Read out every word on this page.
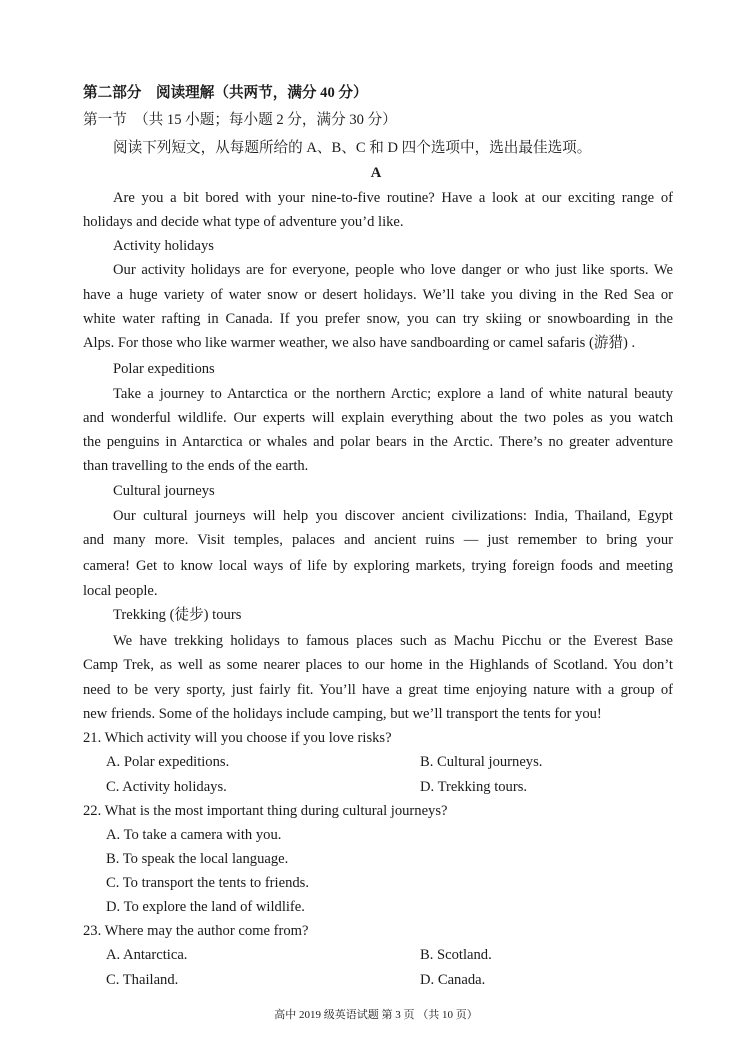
第二部分　阅读理解（共两节，满分 40 分）
第一节　（共 15 小题；每小题 2 分，满分 30 分）
阅读下列短文，从每题所给的 A、B、C 和 D 四个选项中，选出最佳选项。
A
Are you a bit bored with your nine-to-five routine? Have a look at our exciting range of
holidays and decide what type of adventure you’d like.
Activity holidays
Our activity holidays are for everyone, people who love danger or who just like sports. We
have a huge variety of water snow or desert holidays. We’ll take you diving in the Red Sea or
white water rafting in Canada. If you prefer snow, you can try skiing or snowboarding in the
Alps. For those who like warmer weather, we also have sandboarding or camel safaris (游猎) .
Polar expeditions
Take a journey to Antarctica or the northern Arctic; explore a land of white natural beauty
and wonderful wildlife. Our experts will explain everything about the two poles as you watch
the penguins in Antarctica or whales and polar bears in the Arctic. There’s no greater adventure
than travelling to the ends of the earth.
Cultural journeys
Our cultural journeys will help you discover ancient civilizations: India, Thailand, Egypt
and many more. Visit temples, palaces and ancient ruins — just remember to bring your
camera! Get to know local ways of life by exploring markets, trying foreign foods and meeting
local people.
Trekking (徒步) tours
We have trekking holidays to famous places such as Machu Picchu or the Everest Base
Camp Trek, as well as some nearer places to our home in the Highlands of Scotland. You don’t
need to be very sporty, just fairly fit. You’ll have a great time enjoying nature with a group of
new friends. Some of the holidays include camping, but we’ll transport the tents for you!
21. Which activity will you choose if you love risks?
A. Polar expeditions.	B. Cultural journeys.
C. Activity holidays.	D. Trekking tours.
22. What is the most important thing during cultural journeys?
A. To take a camera with you.
B. To speak the local language.
C. To transport the tents to friends.
D. To explore the land of wildlife.
23. Where may the author come from?
A. Antarctica.	B. Scotland.
C. Thailand.	D. Canada.
高中 2019 级英语试题 第 3 页 （共 10 页）
